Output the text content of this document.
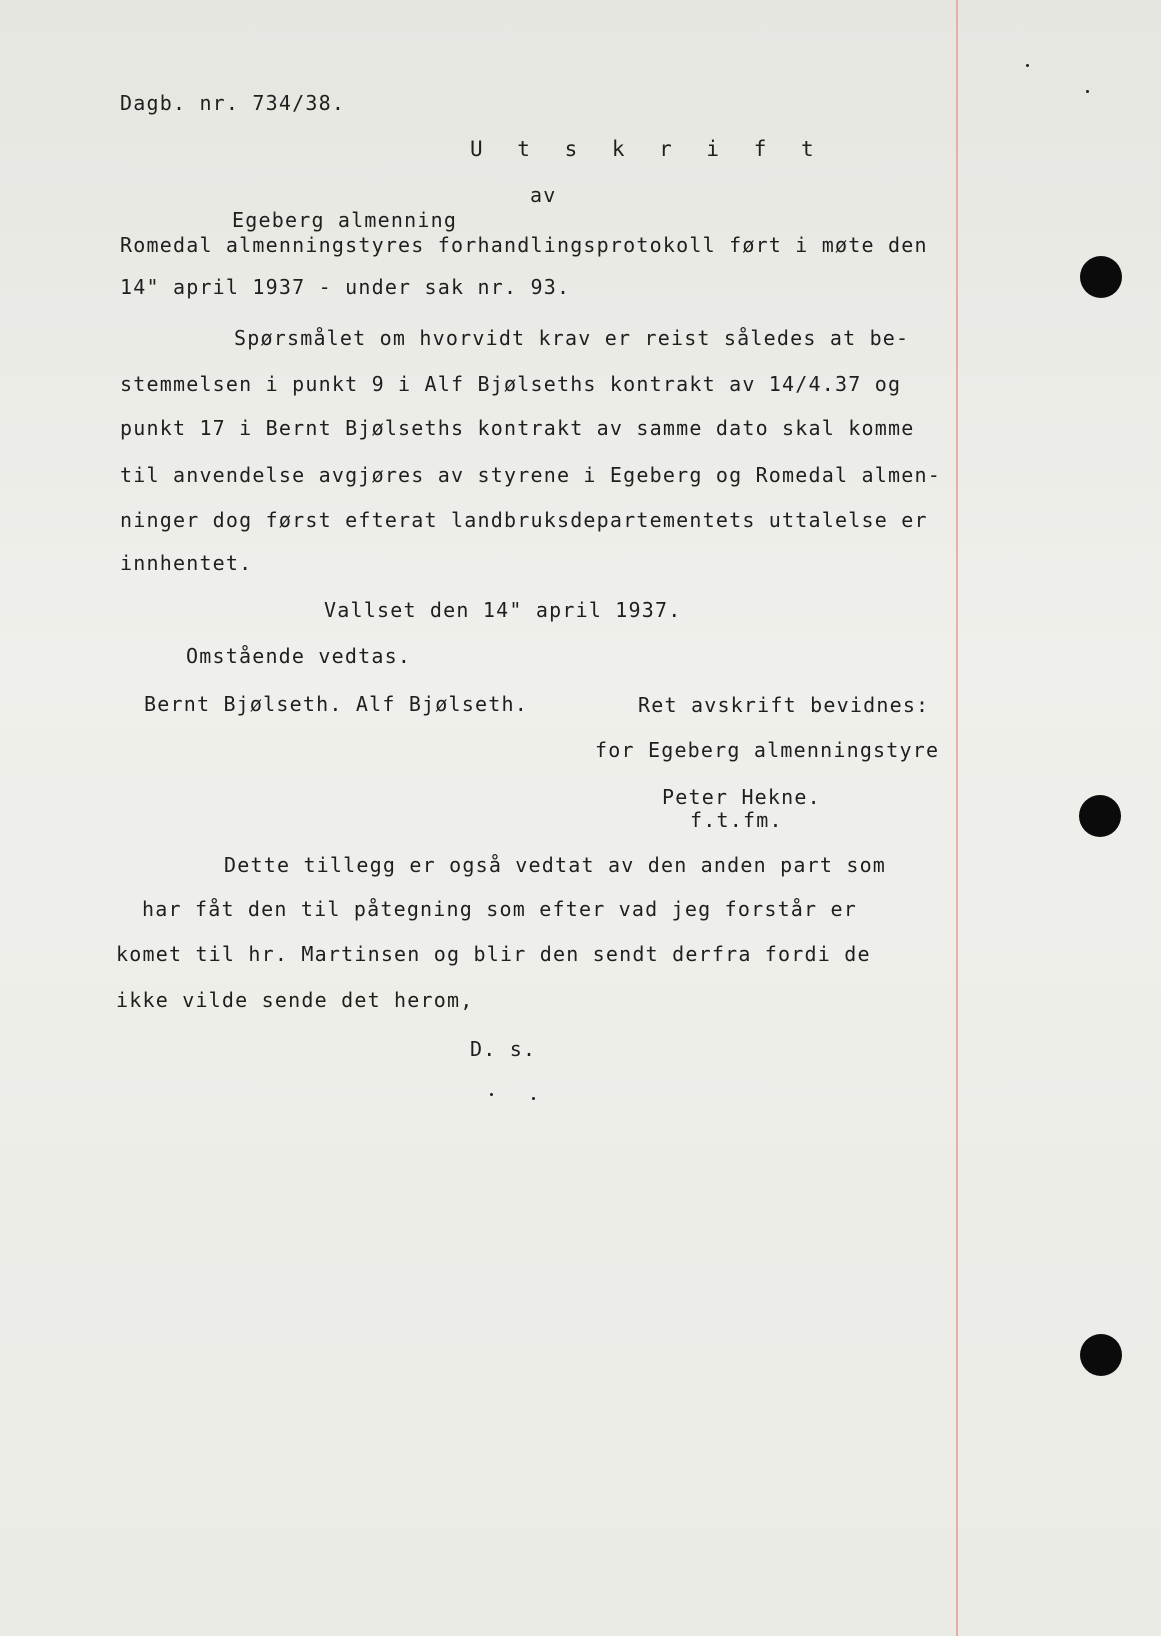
Dagb. nr. 734/38.
U t s k r i f t
av
Egeberg almenning
Romedal almenningstyres forhandlingsprotokoll ført i møte den
14" april 1937 - under sak nr. 93.
Spørsmålet om hvorvidt krav er reist således at be-
stemmelsen i punkt 9 i Alf Bjølseths kontrakt av 14/4.37 og
punkt 17 i Bernt Bjølseths kontrakt av samme dato skal komme
til anvendelse avgjøres av styrene i Egeberg og Romedal almen-
ninger dog først efterat landbruksdepartementets uttalelse er
innhentet.
Vallset den 14" april 1937.
Omstående vedtas.
Bernt Bjølseth. Alf Bjølseth.	Ret avskrift bevidnes:
for Egeberg almenningstyre
Peter Hekne.
f.t.fm.
Dette tillegg er også vedtat av den anden part som
har fåt den til påtegning som efter vad jeg forstår er
komet til hr. Martinsen og blir den sendt derfra fordi de
ikke vilde sende det herom,
D. s.
